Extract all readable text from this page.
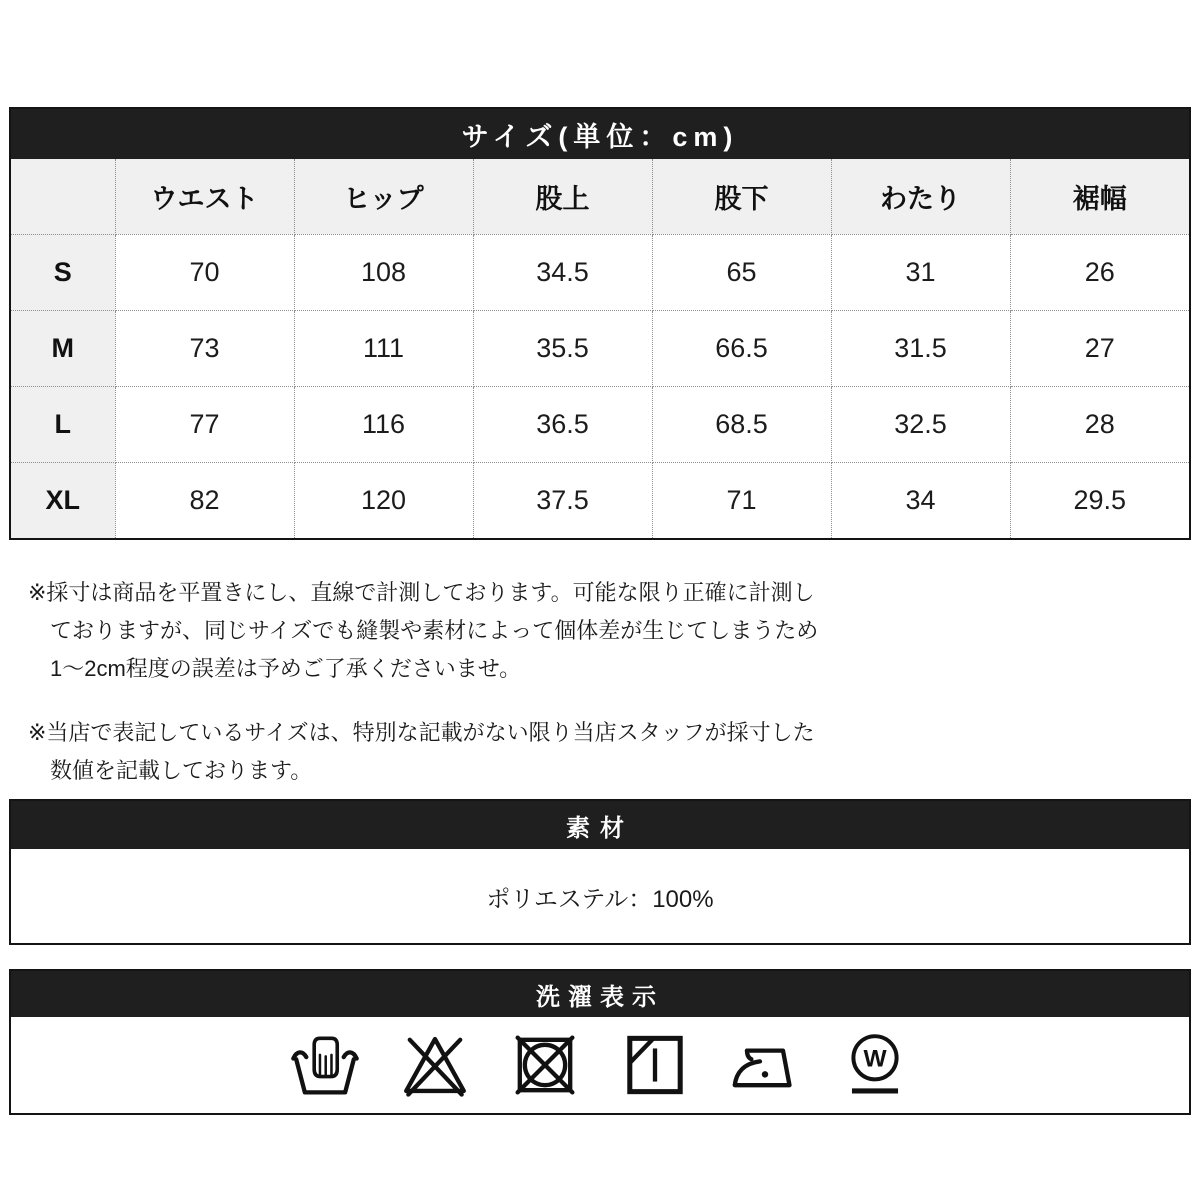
サイズ(単位：cm)
	ウエスト	ヒップ	股上	股下	わたり	裾幅
S	70	108	34.5	65	31	26
M	73	111	35.5	66.5	31.5	27
L	77	116	36.5	68.5	32.5	28
XL	82	120	37.5	71	34	29.5

※採寸は商品を平置きにし、直線で計測しております。可能な限り正確に計測しておりますが、同じサイズでも縫製や素材によって個体差が生じてしまうため1〜2cm程度の誤差は予めご了承くださいませ。

※当店で表記しているサイズは、特別な記載がない限り当店スタッフが採寸した数値を記載しております。

素材
ポリエステル：100%
洗濯表示
